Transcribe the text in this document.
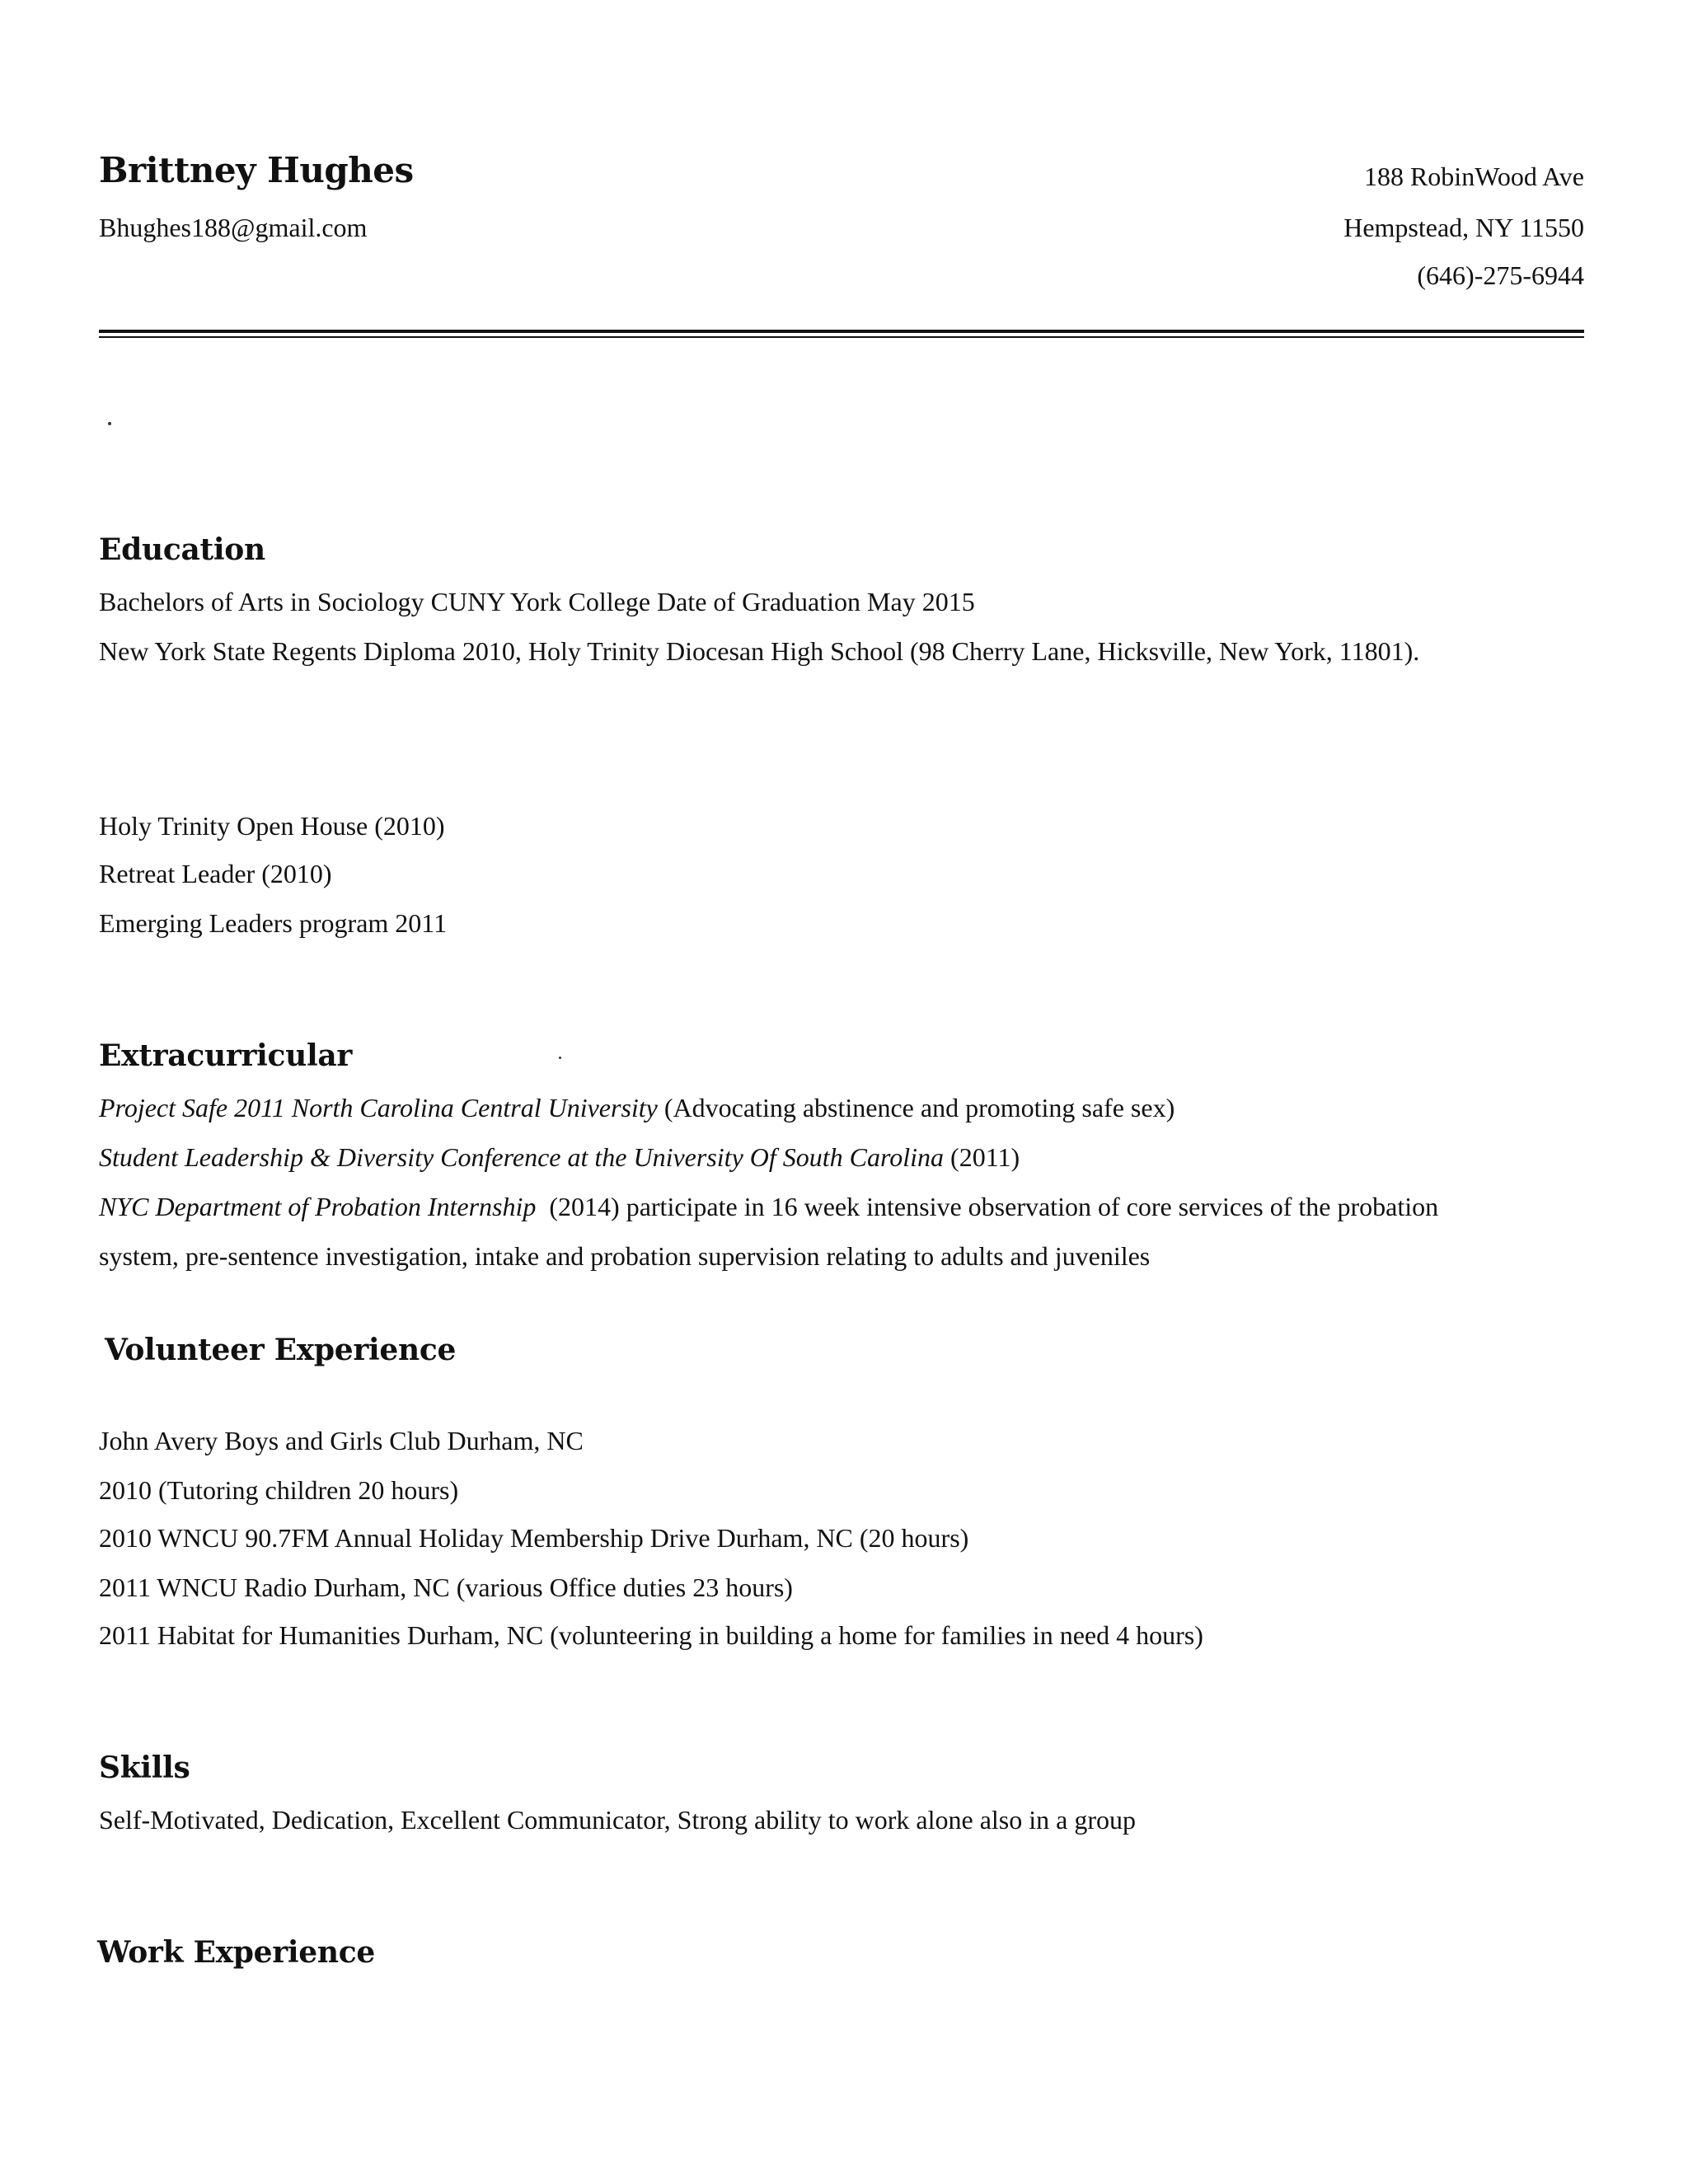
Brittney Hughes
Bhughes188@gmail.com
188 RobinWood Ave
Hempstead, NY 11550
(646)-275-6944
Education
Bachelors of Arts in Sociology CUNY York College Date of Graduation May 2015
New York State Regents Diploma 2010, Holy Trinity Diocesan High School (98 Cherry Lane, Hicksville, New York, 11801).
Holy Trinity Open House (2010)
Retreat Leader (2010)
Emerging Leaders program 2011
Extracurricular
Project Safe 2011 North Carolina Central University (Advocating abstinence and promoting safe sex)
Student Leadership & Diversity Conference at the University Of South Carolina (2011)
NYC Department of Probation Internship  (2014) participate in 16 week intensive observation of core services of the probation
system, pre-sentence investigation, intake and probation supervision relating to adults and juveniles
Volunteer Experience
John Avery Boys and Girls Club Durham, NC
2010 (Tutoring children 20 hours)
2010 WNCU 90.7FM Annual Holiday Membership Drive Durham, NC (20 hours)
2011 WNCU Radio Durham, NC (various Office duties 23 hours)
2011 Habitat for Humanities Durham, NC (volunteering in building a home for families in need 4 hours)
Skills
Self-Motivated, Dedication, Excellent Communicator, Strong ability to work alone also in a group
Work Experience
